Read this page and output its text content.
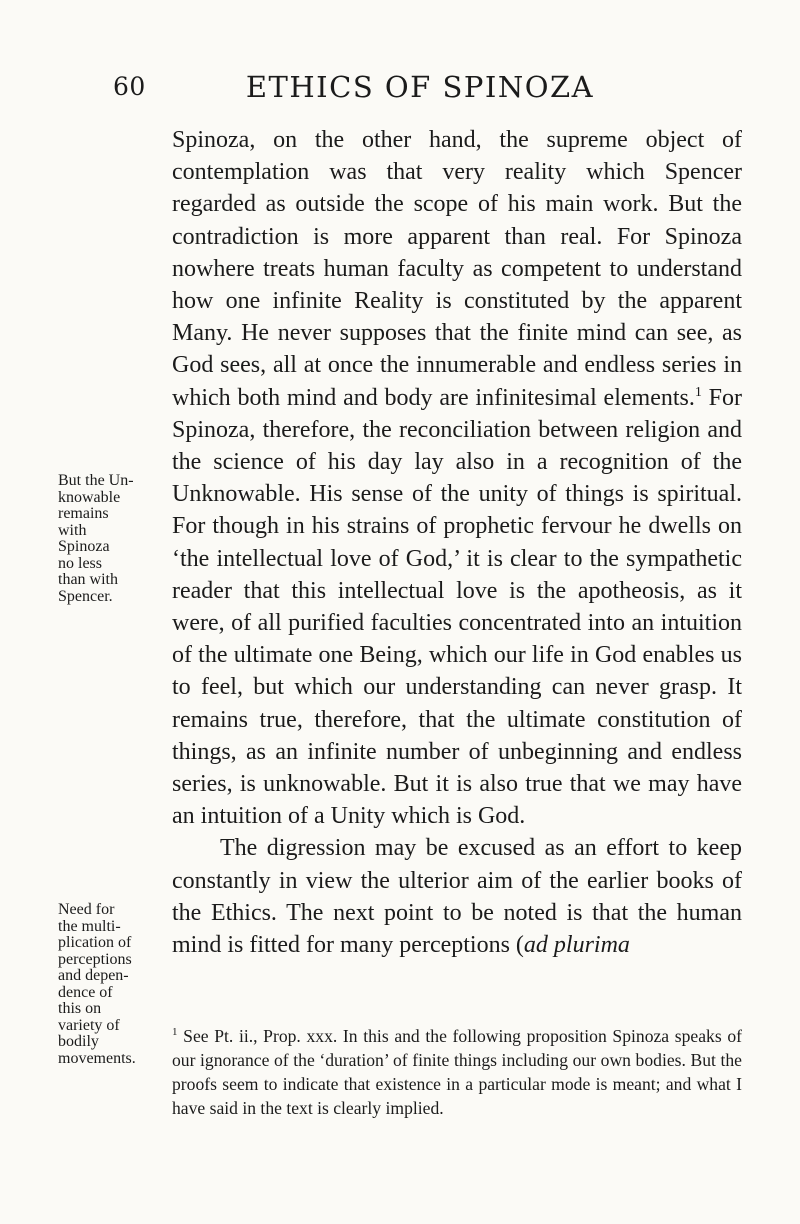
60	ETHICS OF SPINOZA

Spinoza, on the other hand, the supreme object of contemplation was that very reality which Spencer regarded as outside the scope of his main work. But the contradiction is more apparent than real. For Spinoza nowhere treats human faculty as competent to understand how one infinite Reality is constituted by the apparent Many. He never supposes that the finite mind can see, as God sees, all at once the innumerable and endless series in which both mind and body are infinitesimal elements.$^1$ For Spinoza, therefore, the reconciliation between religion and the science of his day lay also in a recognition of the Unknowable. His sense of the unity of things is spiritual. For though in his strains of prophetic fervour he dwells on ‘the intellectual love of God,’ it is clear to the sympathetic reader that this intellectual love is the apotheosis, as it were, of all purified faculties concentrated into an intuition of the ultimate one Being, which our life in God enables us to feel, but which our understanding can never grasp. It remains true, therefore, that the ultimate constitution of things, as an infinite number of unbeginning and endless series, is unknowable. But it is also true that we may have an intuition of a Unity which is God.

The digression may be excused as an effort to keep constantly in view the ulterior aim of the earlier books of the Ethics. The next point to be noted is that the human mind is fitted for many perceptions (ad plurima

But the Un-
knowable
remains
with
Spinoza
no less
than with
Spencer.

Need for
the multi-
plication of
perceptions
and depen-
dence of
this on
variety of
bodily
movements.

$^1$ See Pt. ii., Prop. xxx. In this and the following proposition Spinoza speaks of our ignorance of the ‘duration’ of finite things including our own bodies. But the proofs seem to indicate that existence in a particular mode is meant; and what I have said in the text is clearly implied.
